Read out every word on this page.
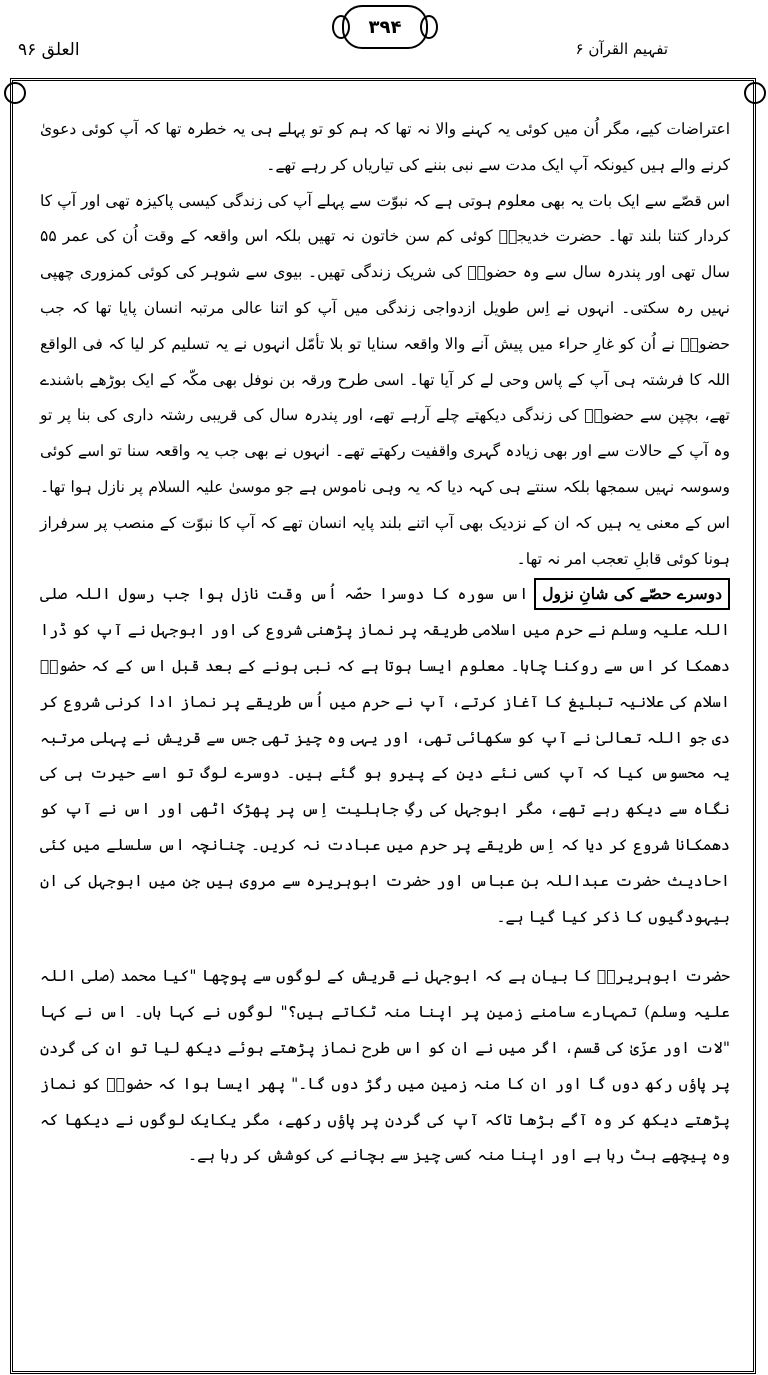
العلق ۹۶
۳۹۴
تفہیم القرآن ۶

اعتراضات کیے، مگر اُن میں کوئی یہ کہنے والا نہ تھا کہ ہم کو تو پہلے ہی یہ خطرہ تھا کہ آپ کوئی دعویٰ کرنے والے ہیں کیونکہ آپ ایک مدت سے نبی بننے کی تیاریاں کر رہے تھے۔

اس قصّے سے ایک بات یہ بھی معلوم ہوتی ہے کہ نبوّت سے پہلے آپ کی زندگی کیسی پاکیزہ تھی اور آپ کا کردار کتنا بلند تھا۔ حضرت خدیجہؓ کوئی کم سن خاتون نہ تھیں بلکہ اس واقعہ کے وقت اُن کی عمر ۵۵ سال تھی اور پندرہ سال سے وہ حضورؐ کی شریک زندگی تھیں۔ بیوی سے شوہر کی کوئی کمزوری چھپی نہیں رہ سکتی۔ انہوں نے اِس طویل ازدواجی زندگی میں آپ کو اتنا عالی مرتبہ انسان پایا تھا کہ جب حضورؐ نے اُن کو غارِ حراء میں پیش آنے والا واقعہ سنایا تو بلا تأمّل انہوں نے یہ تسلیم کر لیا کہ فی الواقع اللہ کا فرشتہ ہی آپ کے پاس وحی لے کر آیا تھا۔ اسی طرح ورقہ بن نوفل بھی مکّہ کے ایک بوڑھے باشندے تھے، بچپن سے حضورؐ کی زندگی دیکھتے چلے آرہے تھے، اور پندرہ سال کی قریبی رشتہ داری کی بنا پر تو وہ آپ کے حالات سے اور بھی زیادہ گہری واقفیت رکھتے تھے۔ انہوں نے بھی جب یہ واقعہ سنا تو اسے کوئی وسوسہ نہیں سمجھا بلکہ سنتے ہی کہہ دیا کہ یہ وہی ناموس ہے جو موسیٰ علیہ السلام پر نازل ہوا تھا۔ اس کے معنی یہ ہیں کہ ان کے نزدیک بھی آپ اتنے بلند پایہ انسان تھے کہ آپ کا نبوّت کے منصب پر سرفراز ہونا کوئی قابلِ تعجب امر نہ تھا۔

دوسرے حصّے کی شانِ نزولاس سورہ کا دوسرا حصّہ اُس وقت نازل ہوا جب رسول اللہ صلی اللہ علیہ وسلم نے حرم میں اسلامی طریقہ پر نماز پڑھنی شروع کی اور ابوجہل نے آپ کو ڈرا دھمکا کر اس سے روکنا چاہا۔ معلوم ایسا ہوتا ہے کہ نبی ہونے کے بعد قبل اس کے کہ حضورؐ اسلام کی علانیہ تبلیغ کا آغاز کرتے، آپ نے حرم میں اُس طریقے پر نماز ادا کرنی شروع کر دی جو اللہ تعالیٰ نے آپ کو سکھائی تھی، اور یہی وہ چیز تھی جس سے قریش نے پہلی مرتبہ یہ محسوس کیا کہ آپ کسی نئے دین کے پیرو ہو گئے ہیں۔ دوسرے لوگ تو اسے حیرت ہی کی نگاہ سے دیکھ رہے تھے، مگر ابوجہل کی رگِ جاہلیت اِس پر پھڑک اٹھی اور اس نے آپ کو دھمکانا شروع کر دیا کہ اِس طریقے پر حرم میں عبادت نہ کریں۔ چنانچہ اس سلسلے میں کئی احادیث حضرت عبداللہ بن عباس اور حضرت ابوہریرہ سے مروی ہیں جن میں ابوجہل کی ان بیہودگیوں کا ذکر کیا گیا ہے۔

حضرت ابوہریرہؓ کا بیان ہے کہ ابوجہل نے قریش کے لوگوں سے پوچھا "کیا محمد (صلی اللہ علیہ وسلم) تمہارے سامنے زمین پر اپنا منہ ٹکاتے ہیں؟" لوگوں نے کہا ہاں۔ اس نے کہا "لات اور عزّیٰ کی قسم، اگر میں نے ان کو اس طرح نماز پڑھتے ہوئے دیکھ لیا تو ان کی گردن پر پاؤں رکھ دوں گا اور ان کا منہ زمین میں رگڑ دوں گا۔" پھر ایسا ہوا کہ حضورؐ کو نماز پڑھتے دیکھ کر وہ آگے بڑھا تاکہ آپ کی گردن پر پاؤں رکھے، مگر یکایک لوگوں نے دیکھا کہ وہ پیچھے ہٹ رہا ہے اور اپنا منہ کسی چیز سے بچانے کی کوشش کر رہا ہے۔
